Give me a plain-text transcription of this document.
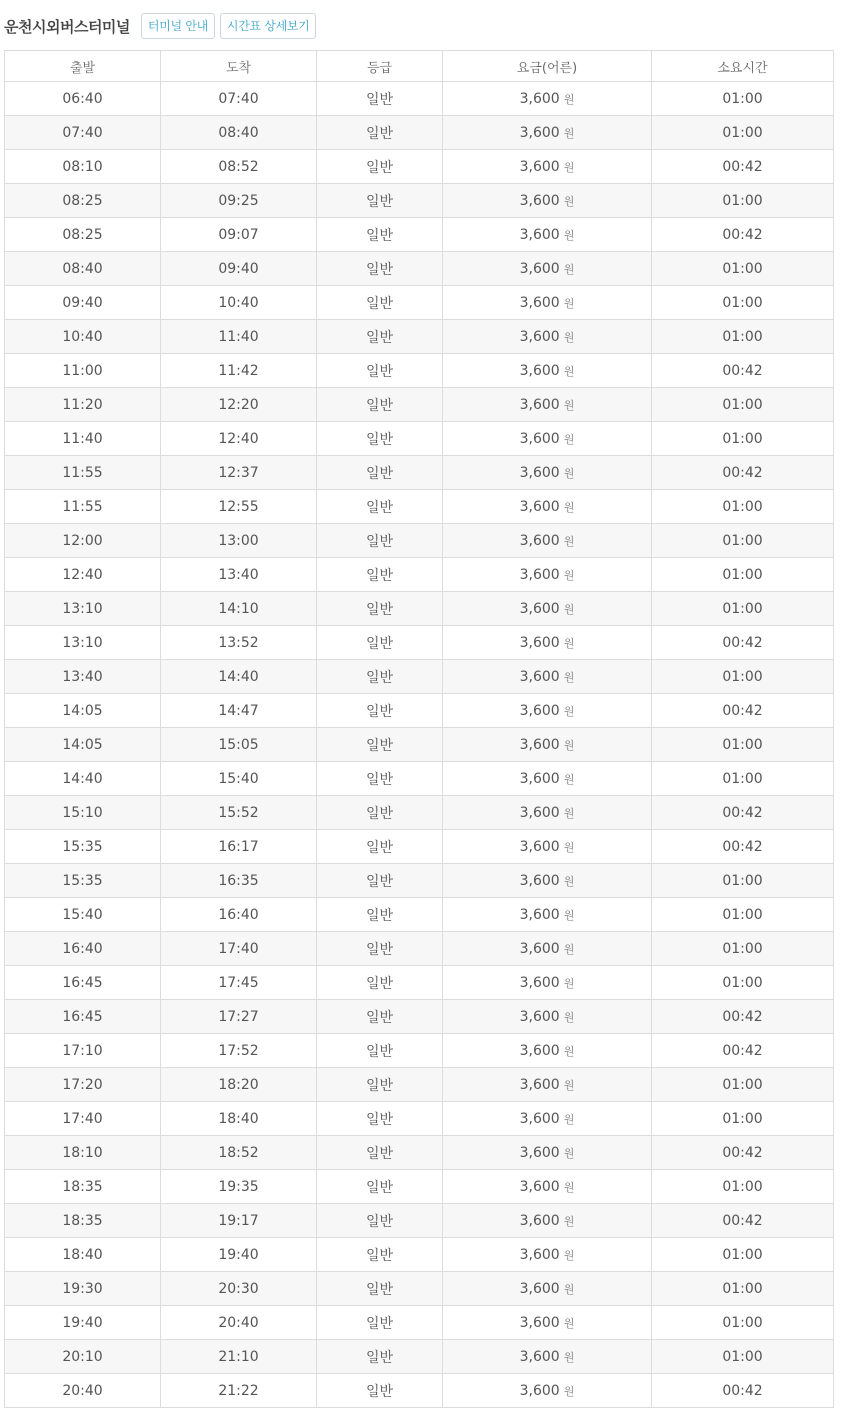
운천시외버스터미널	터미널 안내	시간표 상세보기
출발	도착	등급	요금(어른)	소요시간
06:40	07:40	일반	3,600 원	01:00
07:40	08:40	일반	3,600 원	01:00
08:10	08:52	일반	3,600 원	00:42
08:25	09:25	일반	3,600 원	01:00
08:25	09:07	일반	3,600 원	00:42
08:40	09:40	일반	3,600 원	01:00
09:40	10:40	일반	3,600 원	01:00
10:40	11:40	일반	3,600 원	01:00
11:00	11:42	일반	3,600 원	00:42
11:20	12:20	일반	3,600 원	01:00
11:40	12:40	일반	3,600 원	01:00
11:55	12:37	일반	3,600 원	00:42
11:55	12:55	일반	3,600 원	01:00
12:00	13:00	일반	3,600 원	01:00
12:40	13:40	일반	3,600 원	01:00
13:10	14:10	일반	3,600 원	01:00
13:10	13:52	일반	3,600 원	00:42
13:40	14:40	일반	3,600 원	01:00
14:05	14:47	일반	3,600 원	00:42
14:05	15:05	일반	3,600 원	01:00
14:40	15:40	일반	3,600 원	01:00
15:10	15:52	일반	3,600 원	00:42
15:35	16:17	일반	3,600 원	00:42
15:35	16:35	일반	3,600 원	01:00
15:40	16:40	일반	3,600 원	01:00
16:40	17:40	일반	3,600 원	01:00
16:45	17:45	일반	3,600 원	01:00
16:45	17:27	일반	3,600 원	00:42
17:10	17:52	일반	3,600 원	00:42
17:20	18:20	일반	3,600 원	01:00
17:40	18:40	일반	3,600 원	01:00
18:10	18:52	일반	3,600 원	00:42
18:35	19:35	일반	3,600 원	01:00
18:35	19:17	일반	3,600 원	00:42
18:40	19:40	일반	3,600 원	01:00
19:30	20:30	일반	3,600 원	01:00
19:40	20:40	일반	3,600 원	01:00
20:10	21:10	일반	3,600 원	01:00
20:40	21:22	일반	3,600 원	00:42
